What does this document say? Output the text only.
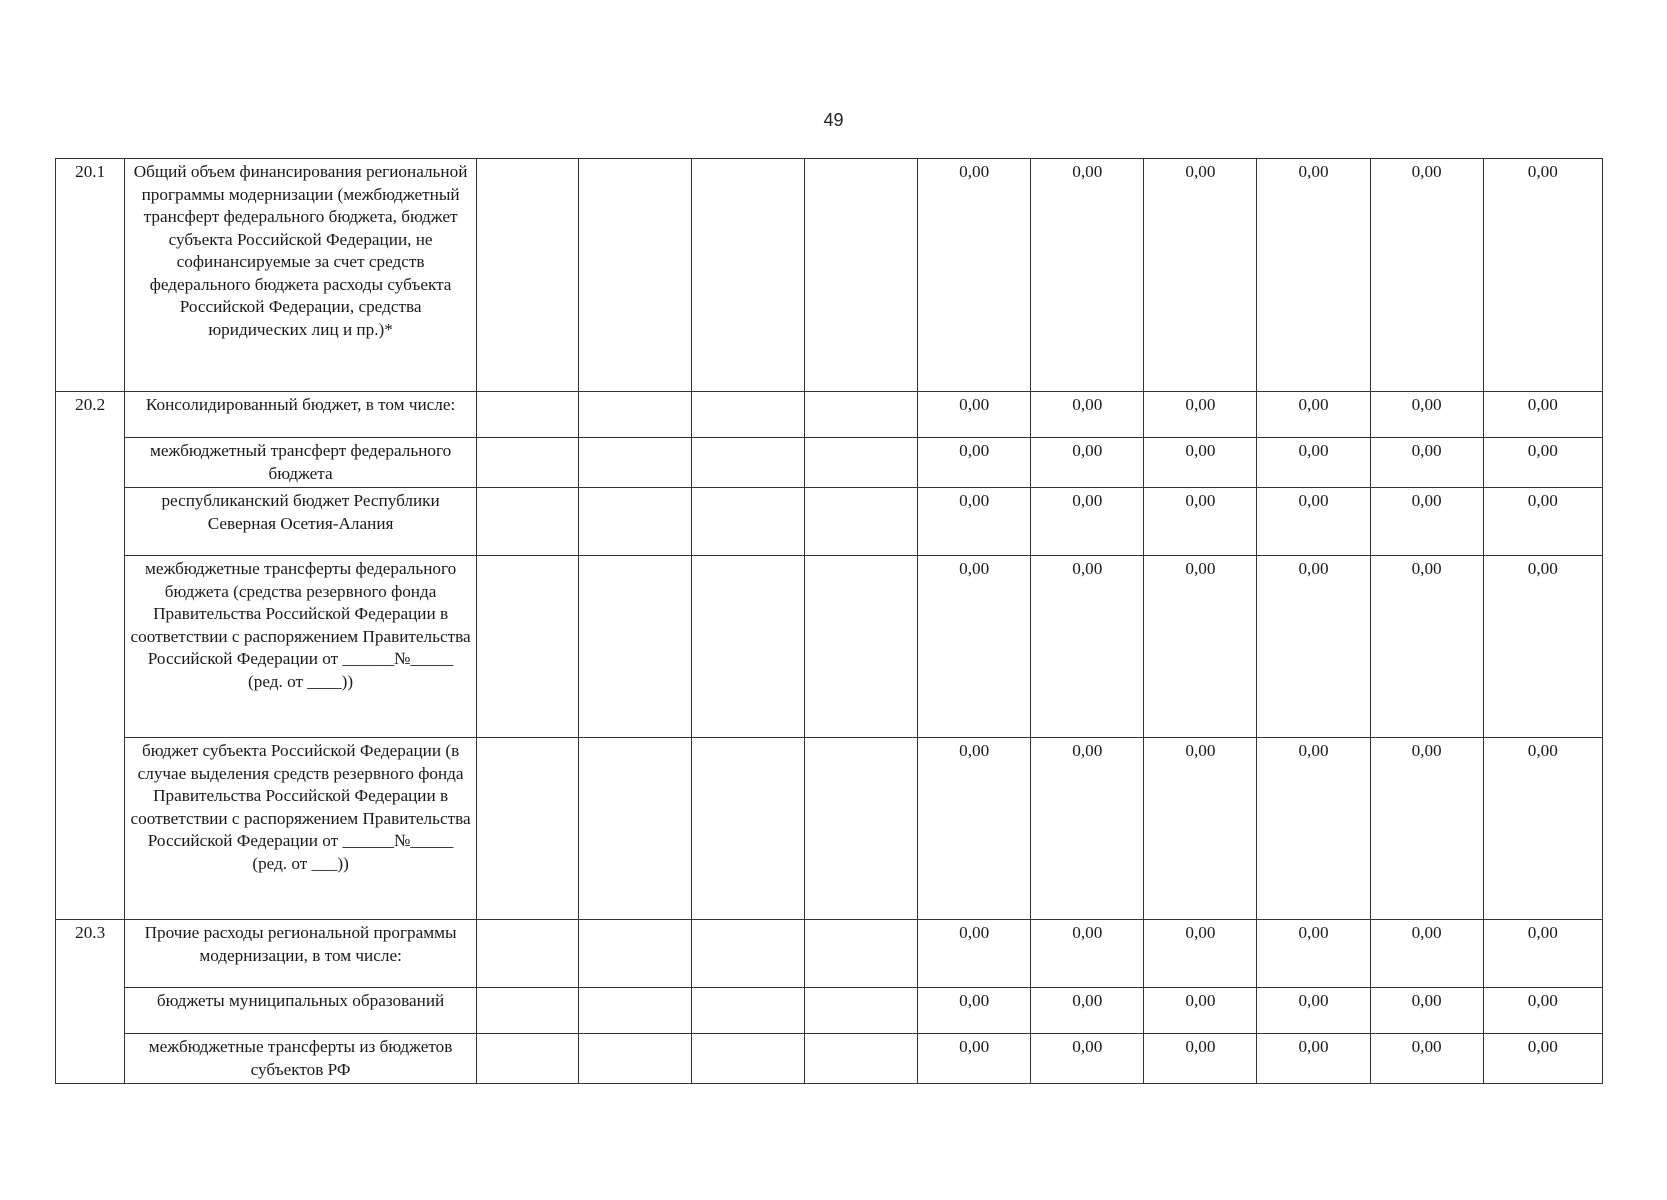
49
20.1	Общий объем финансирования региональной программы модернизации (межбюджетный трансферт федерального бюджета, бюджет субъекта Российской Федерации, не софинансируемые за счет средств федерального бюджета расходы субъекта Российской Федерации, средства юридических лиц и пр.)*					0,00	0,00	0,00	0,00	0,00	0,00
20.2	Консолидированный бюджет, в том числе:					0,00	0,00	0,00	0,00	0,00	0,00
	межбюджетный трансферт федерального бюджета					0,00	0,00	0,00	0,00	0,00	0,00
	республиканский бюджет Республики Северная Осетия-Алания					0,00	0,00	0,00	0,00	0,00	0,00
	межбюджетные трансферты федерального бюджета (средства резервного фонда Правительства Российской Федерации в соответствии с распоряжением Правительства Российской Федерации от ______№_____ (ред. от ____))					0,00	0,00	0,00	0,00	0,00	0,00
	бюджет субъекта Российской Федерации (в случае выделения средств резервного фонда Правительства Российской Федерации в соответствии с распоряжением Правительства Российской Федерации от ______№_____ (ред. от ___))					0,00	0,00	0,00	0,00	0,00	0,00
20.3	Прочие расходы региональной программы модернизации, в том числе:					0,00	0,00	0,00	0,00	0,00	0,00
	бюджеты муниципальных образований					0,00	0,00	0,00	0,00	0,00	0,00
	межбюджетные трансферты из бюджетов субъектов РФ					0,00	0,00	0,00	0,00	0,00	0,00
